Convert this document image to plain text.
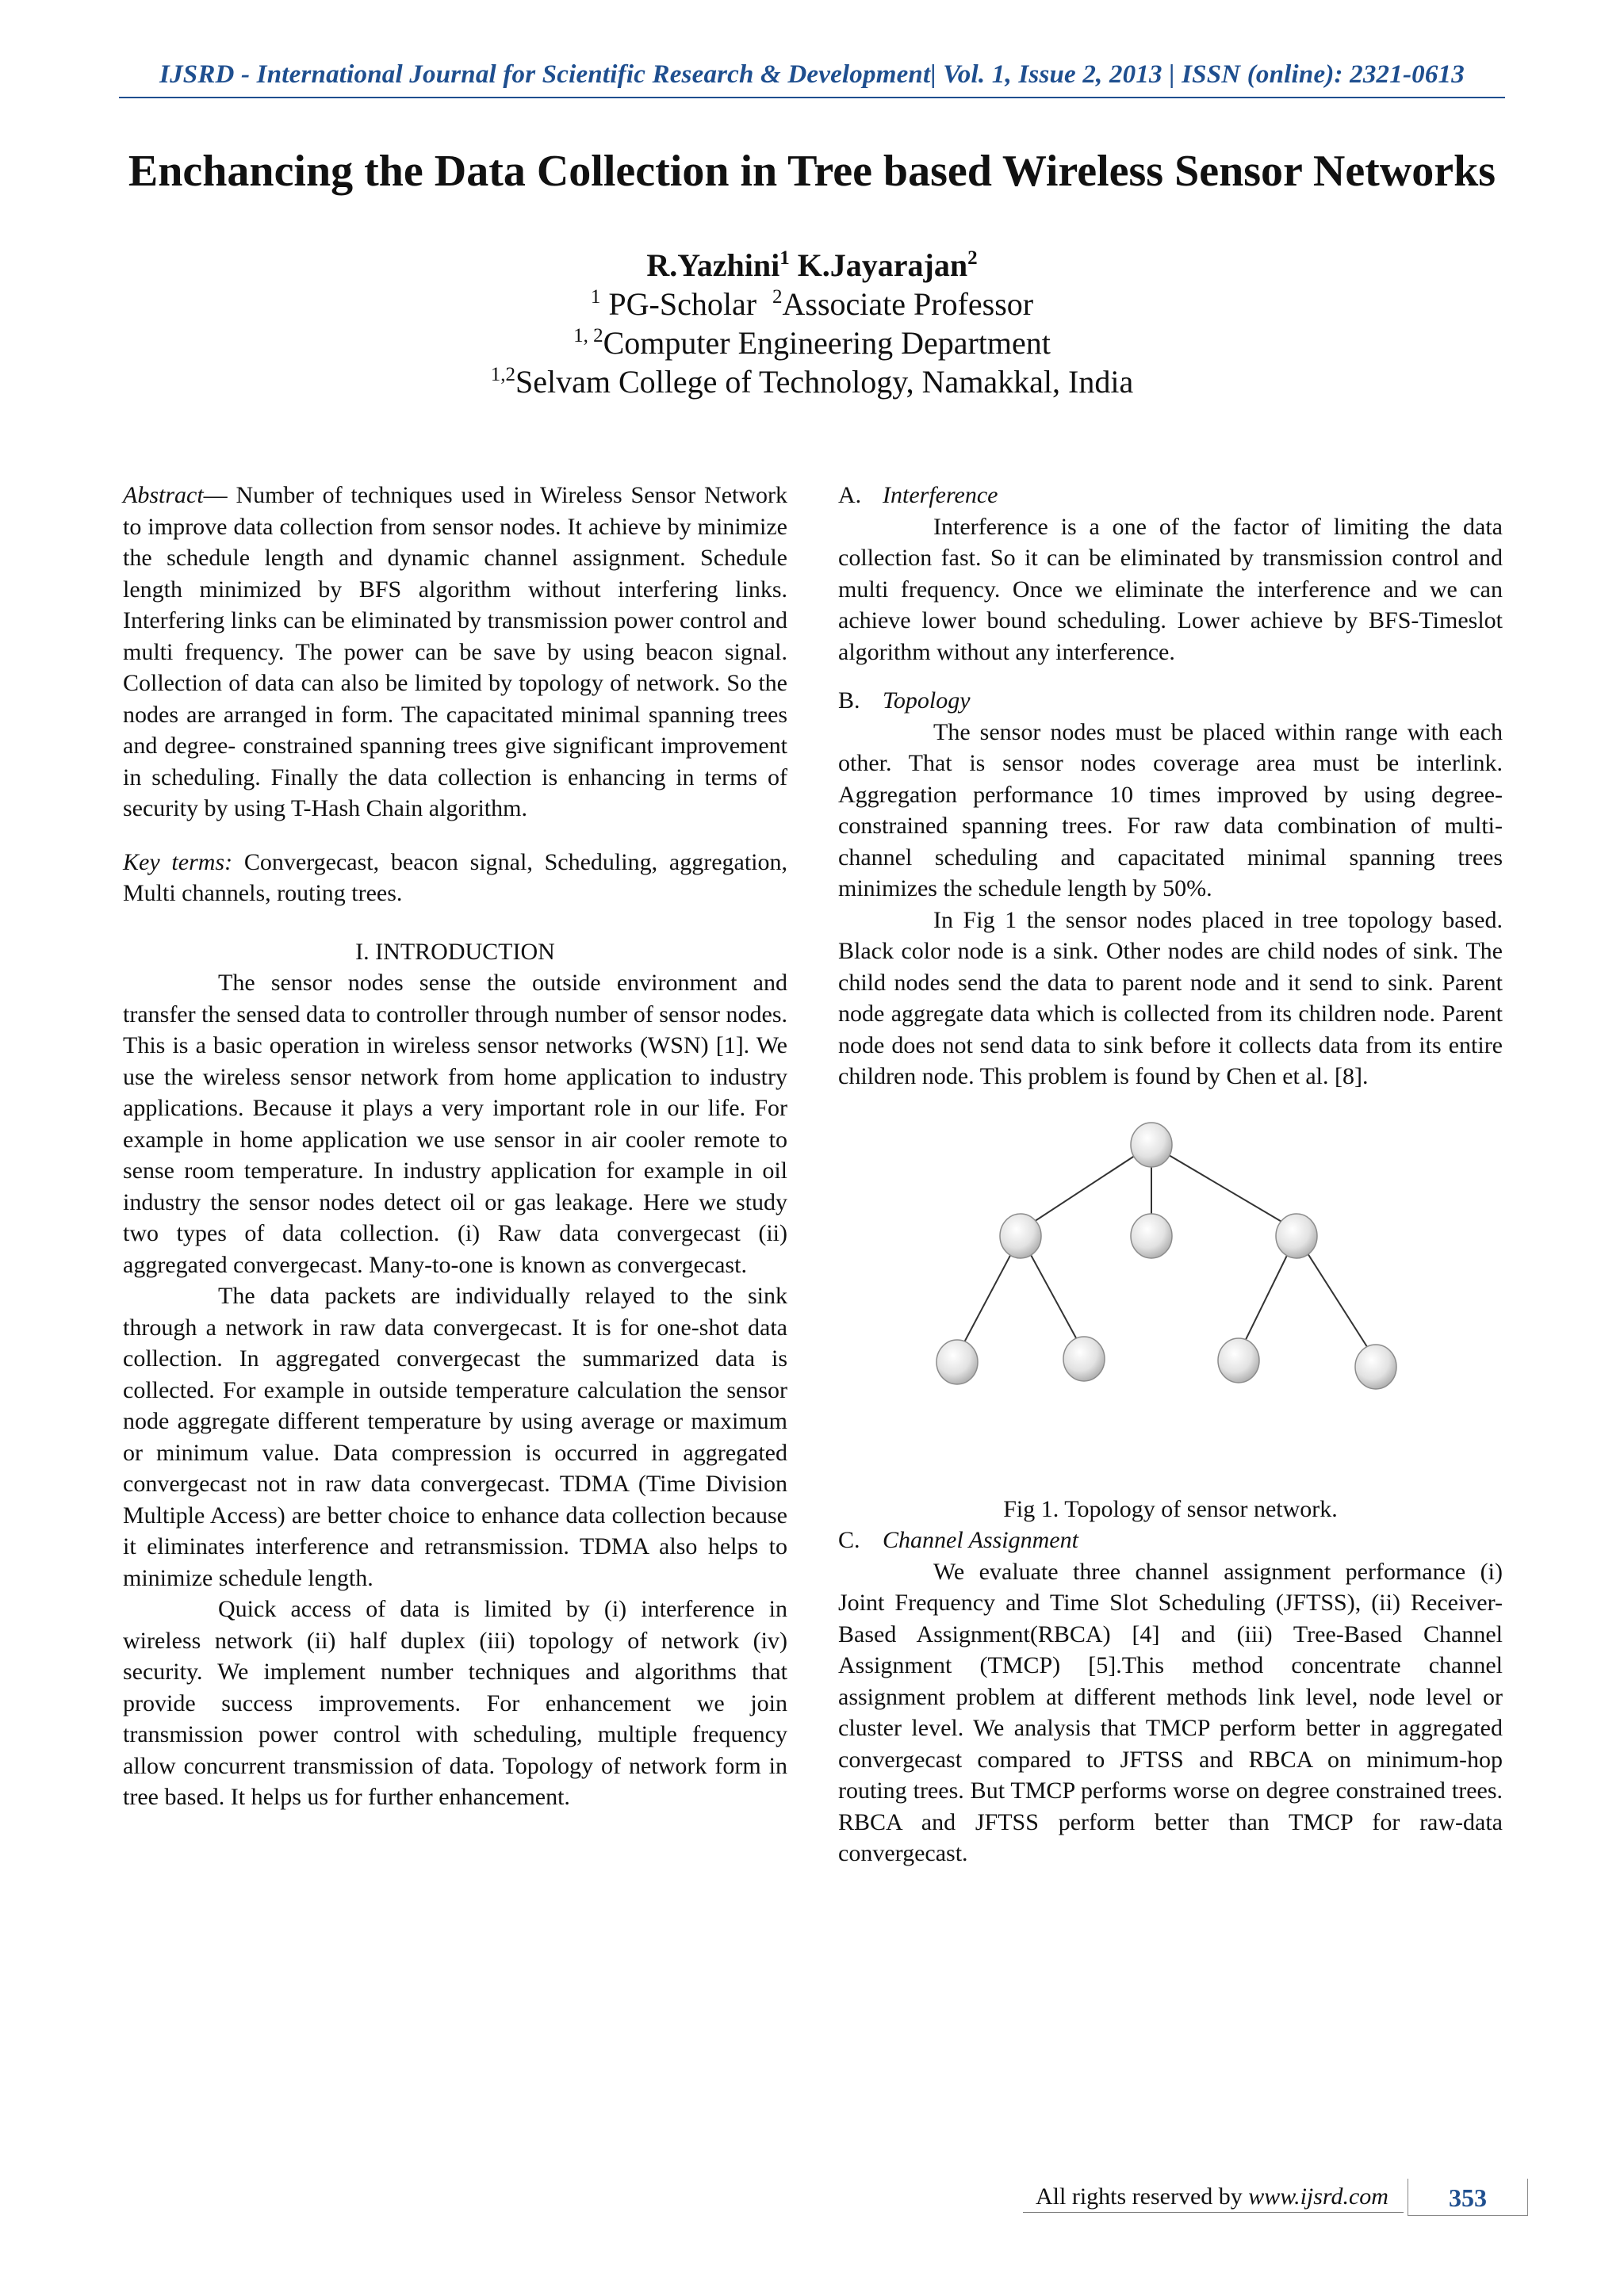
IJSRD - International Journal for Scientific Research & Development| Vol. 1, Issue 2, 2013 | ISSN (online): 2321-0613
Enchancing the Data Collection in Tree based Wireless Sensor Networks
R.Yazhini$^1$ K.Jayarajan$^2$
$^1$ PG-Scholar $^2$Associate Professor
$^{1, 2}$Computer Engineering Department
$^{1,2}$Selvam College of Technology, Namakkal, India

Abstract— Number of techniques used in Wireless Sensor Network to improve data collection from sensor nodes. It achieve by minimize the schedule length and dynamic channel assignment. Schedule length minimized by BFS algorithm without interfering links. Interfering links can be eliminated by transmission power control and multi frequency. The power can be save by using beacon signal. Collection of data can also be limited by topology of network. So the nodes are arranged in form. The capacitated minimal spanning trees and degree- constrained spanning trees give significant improvement in scheduling. Finally the data collection is enhancing in terms of security by using T-Hash Chain algorithm.

Key terms: Convergecast, beacon signal, Scheduling, aggregation, Multi channels, routing trees.

I. INTRODUCTION

The sensor nodes sense the outside environment and transfer the sensed data to controller through number of sensor nodes. This is a basic operation in wireless sensor networks (WSN) [1]. We use the wireless sensor network from home application to industry applications. Because it plays a very important role in our life. For example in home application we use sensor in air cooler remote to sense room temperature. In industry application for example in oil industry the sensor nodes detect oil or gas leakage. Here we study two types of data collection. (i) Raw data convergecast (ii) aggregated convergecast. Many-to-one is known as convergecast.

The data packets are individually relayed to the sink through a network in raw data convergecast. It is for one-shot data collection. In aggregated convergecast the summarized data is collected. For example in outside temperature calculation the sensor node aggregate different temperature by using average or maximum or minimum value. Data compression is occurred in aggregated convergecast not in raw data convergecast. TDMA (Time Division Multiple Access) are better choice to enhance data collection because it eliminates interference and retransmission. TDMA also helps to minimize schedule length.

Quick access of data is limited by (i) interference in wireless network (ii) half duplex (iii) topology of network (iv) security. We implement number techniques and algorithms that provide success improvements. For enhancement we join transmission power control with scheduling, multiple frequency allow concurrent transmission of data. Topology of network form in tree based. It helps us for further enhancement.

A. Interference

Interference is a one of the factor of limiting the data collection fast. So it can be eliminated by transmission control and multi frequency. Once we eliminate the interference and we can achieve lower bound scheduling. Lower achieve by BFS-Timeslot algorithm without any interference.

B. Topology

The sensor nodes must be placed within range with each other. That is sensor nodes coverage area must be interlink. Aggregation performance 10 times improved by using degree- constrained spanning trees. For raw data combination of multi-channel scheduling and capacitated minimal spanning trees minimizes the schedule length by 50%.

In Fig 1 the sensor nodes placed in tree topology based. Black color node is a sink. Other nodes are child nodes of sink. The child nodes send the data to parent node and it send to sink. Parent node aggregate data which is collected from its children node. Parent node does not send data to sink before it collects data from its entire children node. This problem is found by Chen et al. [8].

Fig 1. Topology of sensor network.

C. Channel Assignment

We evaluate three channel assignment performance (i) Joint Frequency and Time Slot Scheduling (JFTSS), (ii) Receiver-Based Assignment(RBCA) [4] and (iii) Tree-Based Channel Assignment (TMCP) [5].This method concentrate channel assignment problem at different methods link level, node level or cluster level. We analysis that TMCP perform better in aggregated convergecast compared to JFTSS and RBCA on minimum-hop routing trees. But TMCP performs worse on degree constrained trees. RBCA and JFTSS perform better than TMCP for raw-data convergecast.

All rights reserved by www.ijsrd.com	353
